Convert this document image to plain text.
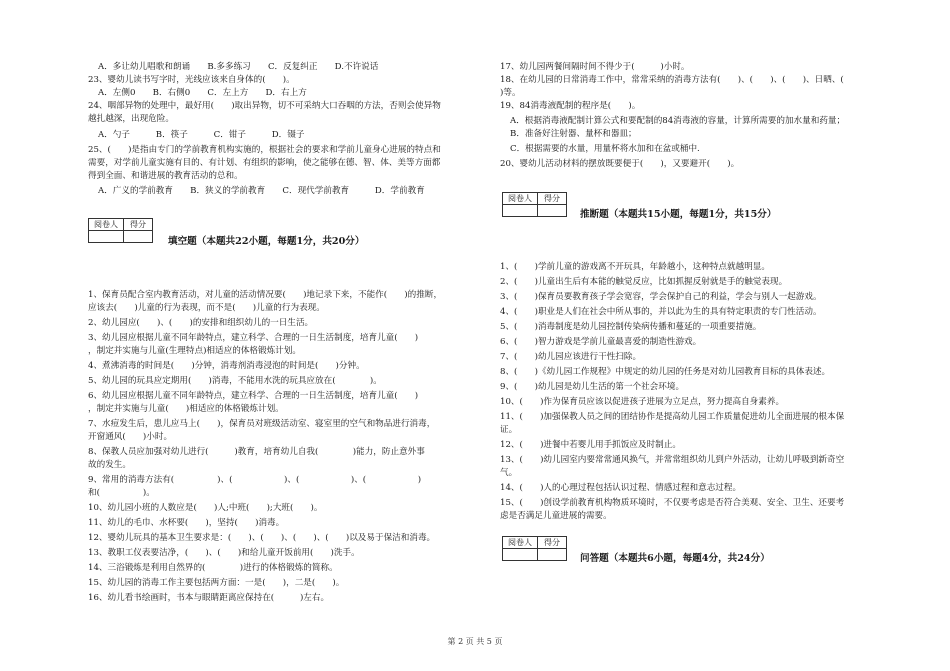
A．多让幼儿唱歌和朗诵　　B.多多练习　　C．反复纠正　　D.不许说话
23、婴幼儿读书写字时，光线应该来自身体的(　　)。
A．左侧0　　B．右侧0　　C．左上方　　D．右上方
24、咽部异物的处理中，最好用(　　)取出异物，切不可采纳大口吞咽的方法，否则会使异物
越扎越深，出现危险。
A．勺子　　　B．筷子　　　C．钳子　　　D．镊子
25、(　　)是指由专门的学前教育机构实施的，根据社会的要求和学前儿童身心进展的特点和
需要，对学前儿童实施有目的、有计划、有组织的影响，使之能够在德、智、体、美等方面都
得到全面、和谐进展的教育活动的总和。
A．广义的学前教育　　B．狭义的学前教育　　C．现代学前教育　　　D．学前教育
阅卷人	得分

填空题（本题共22小题，每题1分，共20分）
1、保育员配合室内教育活动，对儿童的活动情况要(　　)地记录下来，不能作(　　)的推断，
应该去(　　)儿童的行为表现，而不是(　　)儿童的行为表现。
2、幼儿园应(　　)、(　　)的安排和组织幼儿的一日生活。
3、幼儿园应根据儿童不同年龄特点，建立科学、合理的一日生活制度，培育儿童(　　)
，制定并实施与儿童(生理特点)相适应的体格锻炼计划。
4、煮沸消毒的时间是(　　)分钟，消毒剂消毒浸泡的时间是(　　)分钟。
5、幼儿园的玩具应定期用(　　)消毒，不能用水洗的玩具应放在(　　　　)。
6、幼儿园应根据儿童不同年龄特点，建立科学、合理的一日生活制度，培育儿童(　　)
，制定并实施与儿童(　　)相适应的体格锻炼计划。
7、水痘发生后，患儿应马上(　　)，保育员对班级活动室、寝室里的空气和物品进行消毒，
开窗通风(　　)小时。
8、保教人员应加强对幼儿进行(　　　)教育，培育幼儿自我(　　　　)能力，防止意外事
故的发生。
9、常用的消毒方法有(　　　　　)、(　　　　　　)、(　　　　　　)、(　　　　　　)
和(　　　　　)。
10、幼儿园小班的人数应是(　　)人;中班(　　);大班(　　)。
11、幼儿的毛巾、水杯要(　　)，坚持(　　)消毒。
12、婴幼儿玩具的基本卫生要求是：(　　)、(　　)、(　　)、(　　)以及易于保洁和消毒。
13、教职工仪表要洁净，(　　)、(　　)和给儿童开饭前用(　　)洗手。
14、三浴锻炼是利用自然界的(　　　　)进行的体格锻炼的简称。
15、幼儿园的消毒工作主要包括两方面：一是(　　)，二是(　　)。
16、幼儿看书绘画时，书本与眼睛距离应保持在(　　　)左右。
17、幼儿园两餐间隔时间不得少于(　　　)小时。
18、在幼儿园的日常消毒工作中，常常采纳的消毒方法有(　　)、(　　)、(　　)、日晒、(
)等。
19、84消毒液配制的程序是(　　)。
A．根据消毒液配制计算公式和要配制的84消毒液的容量，计算所需要的加水量和药量；
B．准备好注射器、量杯和器皿；
C．根据需要的水量，用量杯将水加和在盆或桶中.
20、婴幼儿活动材料的摆放既要便于(　　)，又要避开(　　)。
阅卷人	得分

推断题（本题共15小题，每题1分，共15分）
1、(　　)学前儿童的游戏离不开玩具，年龄越小，这种特点就越明显。
2、(　　)儿童出生后有本能的触觉反应，比如抓握反射就是手的触觉表现。
3、(　　)保育员要教育孩子学会宽容，学会保护自己的利益，学会与别人一起游戏。
4、(　　)职业是人们在社会中所从事的，并以此为生的具有特定职责的专门性活动。
5、(　　)消毒制度是幼儿园控制传染病传播和蔓延的一项重要措施。
6、(　　)智力游戏是学前儿童最喜爱的制造性游戏。
7、(　　)幼儿园应该进行干性扫除。
8、(　　)《幼儿园工作规程》中规定的幼儿园的任务是对幼儿园教育目标的具体表述。
9、(　　)幼儿园是幼儿生活的第一个社会环境。
10、(　　)作为保育员应该以促进孩子进展为立足点，努力提高自身素养。
11、(　　)加强保教人员之间的团结协作是提高幼儿园工作质量促进幼儿全面进展的根本保
证。
12、(　　)进餐中若婴儿用手抓饭应及时制止。
13、(　　)幼儿园室内要常常通风换气，并常常组织幼儿到户外活动，让幼儿呼吸到新奇空
气。
14、(　　)人的心理过程包括认识过程、情感过程和意志过程。
15、(　　)创设学前教育机构物质环境时，不仅要考虑是否符合美观、安全、卫生、还要考
虑是否满足儿童进展的需要。
阅卷人	得分

问答题（本题共6小题，每题4分，共24分）
第 2 页 共 5 页
